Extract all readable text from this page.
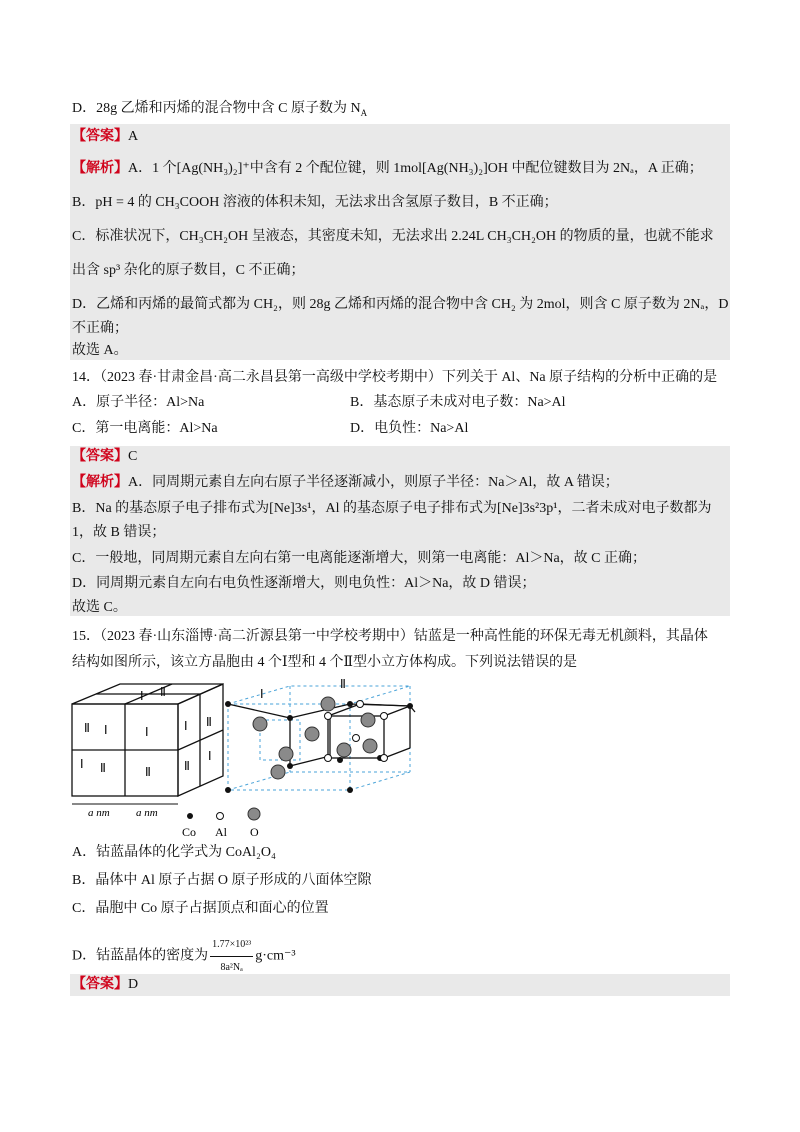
D．28g 乙烯和丙烯的混合物中含 C 原子数为 $N_A$
【答案】A
【解析】A．1 个[Ag(NH₃)₂]⁺中含有 2 个配位键，则 1mol[Ag(NH₃)₂]OH 中配位键数目为 2Nₐ，A 正确；
B．pH = 4 的 CH₃COOH 溶液的体积未知，无法求出含氢原子数目，B 不正确；
C．标准状况下，CH₃CH₂OH 呈液态，其密度未知，无法求出 2.24L CH₃CH₂OH 的物质的量，也就不能求
出含 sp³ 杂化的原子数目，C 不正确；
D．乙烯和丙烯的最简式都为 CH₂，则 28g 乙烯和丙烯的混合物中含 CH₂ 为 2mol，则含 C 原子数为 2Nₐ，D
不正确；
故选 A。
14．（2023 春·甘肃金昌·高二永昌县第一高级中学校考期中）下列关于 Al、Na 原子结构的分析中正确的是
A．原子半径：Al>Na	B．基态原子未成对电子数：Na>Al
C．第一电离能：Al>Na	D．电负性：Na>Al
【答案】C
【解析】A．同周期元素自左向右原子半径逐渐减小，则原子半径：Na＞Al，故 A 错误；
B．Na 的基态原子电子排布式为[Ne]3s¹，Al 的基态原子电子排布式为[Ne]3s²3p¹，二者未成对电子数都为
1，故 B 错误；
C．一般地，同周期元素自左向右第一电离能逐渐增大，则第一电离能：Al＞Na，故 C 正确；
D．同周期元素自左向右电负性逐渐增大，则电负性：Al＞Na，故 D 错误；
故选 C。
15．（2023 春·山东淄博·高二沂源县第一中学校考期中）钴蓝是一种高性能的环保无毒无机颜料，其晶体
结构如图所示，该立方晶胞由 4 个Ⅰ型和 4 个Ⅱ型小立方体构成。下列说法错误的是
Ⅱ Ⅰ
Ⅰ Ⅱ
Ⅰ
Ⅱ
Ⅰ Ⅱ
Ⅱ
Ⅰ
Ⅰ Ⅱ
a nm a nm
Ⅰ
Ⅱ
Co Al O
A．钴蓝晶体的化学式为 CoAl₂O₄
B．晶体中 Al 原子占据 O 原子形成的八面体空隙
C．晶胞中 Co 原子占据顶点和面心的位置
D．钴蓝晶体的密度为 $\frac{\text{1.77×10²³}}{\text{8a²Nₐ}} g\cdot cm^{-3}$
【答案】D
